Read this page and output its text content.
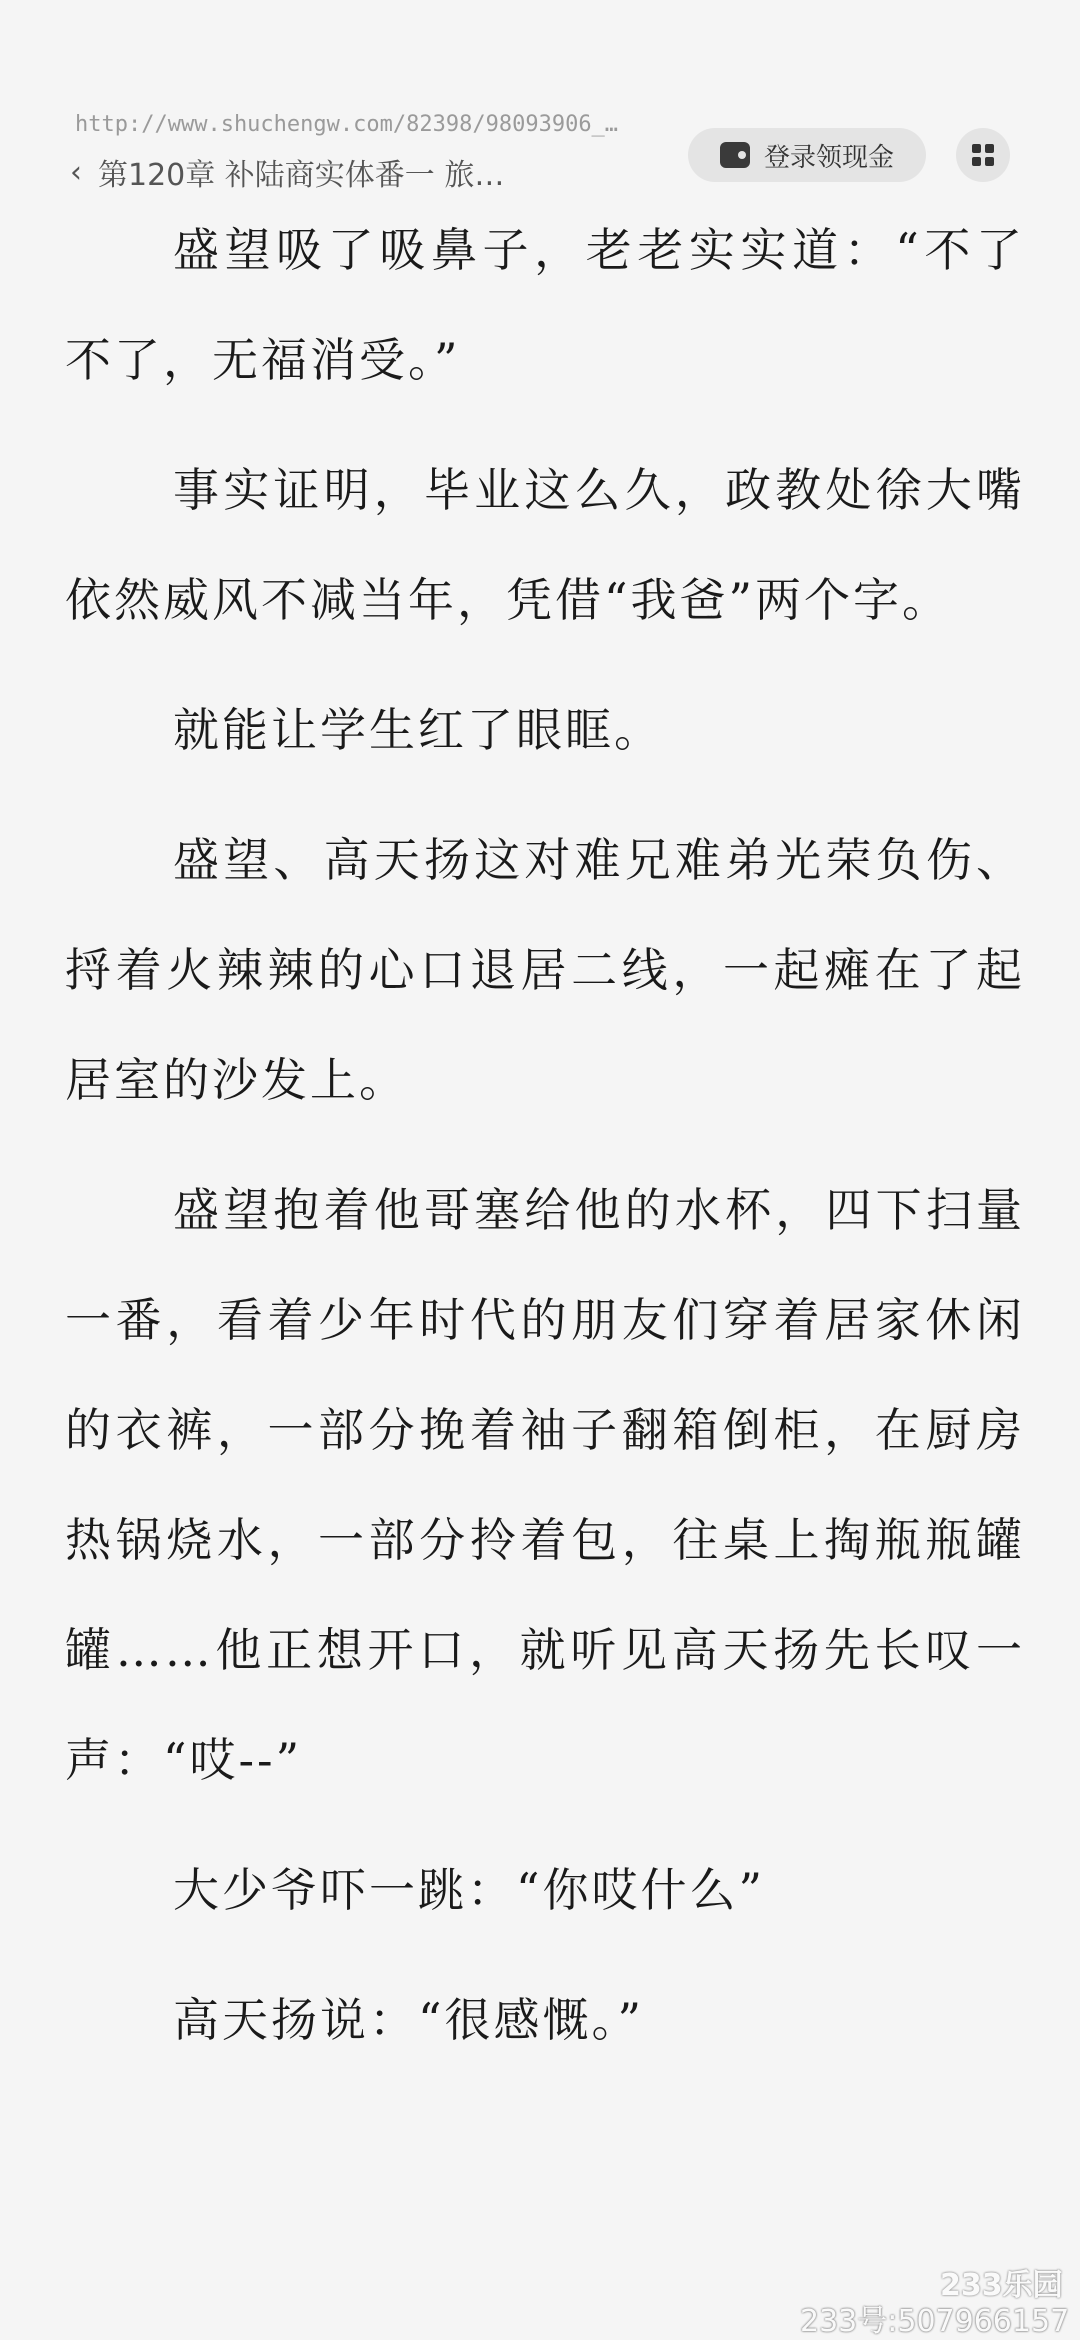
http://www.shuchengw.com/82398/98093906_…
‹ 第120章 补陆商实体番一 旅…
登录领现金

盛望吸了吸鼻子，老老实实道：“不了不了，无福消受。”

事实证明，毕业这么久，政教处徐大嘴依然威风不减当年，凭借“我爸”两个字。

就能让学生红了眼眶。

盛望、高天扬这对难兄难弟光荣负伤、捋着火辣辣的心口退居二线，一起瘫在了起居室的沙发上。

盛望抱着他哥塞给他的水杯，四下扫量一番，看着少年时代的朋友们穿着居家休闲的衣裤，一部分挽着袖子翻箱倒柜，在厨房热锅烧水，一部分拎着包，往桌上掏瓶瓶罐罐……他正想开口，就听见高天扬先长叹一声：“哎--”

大少爷吓一跳：“你哎什么”

高天扬说：“很感慨。”

233乐园
233号:507966157
